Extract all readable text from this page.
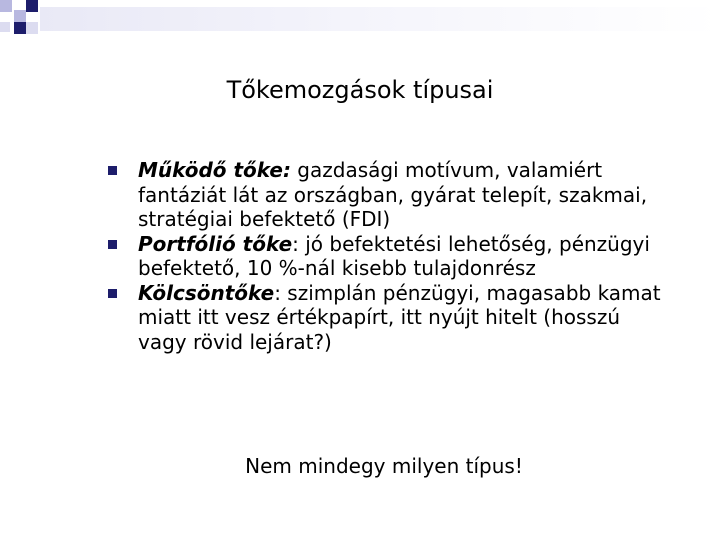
Tőkemozgások típusai
Működő tőke: gazdasági motívum, valamiért fantáziát lát az országban, gyárat telepít, szakmai, stratégiai befektető (FDI)
Portfólió tőke: jó befektetési lehetőség, pénzügyi befektető, 10 %-nál kisebb tulajdonrész
Kölcsöntőke: szimplán pénzügyi, magasabb kamat miatt itt vesz értékpapírt, itt nyújt hitelt (hosszú vagy rövid lejárat?)
Nem mindegy milyen típus!
